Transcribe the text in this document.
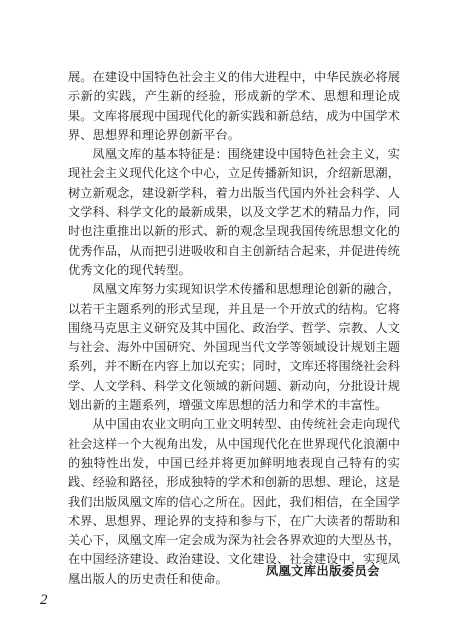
展。在建设中国特色社会主义的伟大进程中，中华民族必将展示新的实践，产生新的经验，形成新的学术、思想和理论成果。文库将展现中国现代化的新实践和新总结，成为中国学术界、思想界和理论界创新平台。

凤凰文库的基本特征是：围绕建设中国特色社会主义，实现社会主义现代化这个中心，立足传播新知识，介绍新思潮，树立新观念，建设新学科，着力出版当代国内外社会科学、人文学科、科学文化的最新成果，以及文学艺术的精品力作，同时也注重推出以新的形式、新的观念呈现我国传统思想文化的优秀作品，从而把引进吸收和自主创新结合起来，并促进传统优秀文化的现代转型。

凤凰文库努力实现知识学术传播和思想理论创新的融合，以若干主题系列的形式呈现，并且是一个开放式的结构。它将围绕马克思主义研究及其中国化、政治学、哲学、宗教、人文与社会、海外中国研究、外国现当代文学等领域设计规划主题系列，并不断在内容上加以充实；同时，文库还将围绕社会科学、人文学科、科学文化领域的新问题、新动向，分批设计规划出新的主题系列，增强文库思想的活力和学术的丰富性。

从中国由农业文明向工业文明转型、由传统社会走向现代社会这样一个大视角出发，从中国现代化在世界现代化浪潮中的独特性出发，中国已经并将更加鲜明地表现自己特有的实践、经验和路径，形成独特的学术和创新的思想、理论，这是我们出版凤凰文库的信心之所在。因此，我们相信，在全国学术界、思想界、理论界的支持和参与下，在广大读者的帮助和关心下，凤凰文库一定会成为深为社会各界欢迎的大型丛书，在中国经济建设、政治建设、文化建设、社会建设中，实现凤凰出版人的历史责任和使命。

凤凰文库出版委员会
2
